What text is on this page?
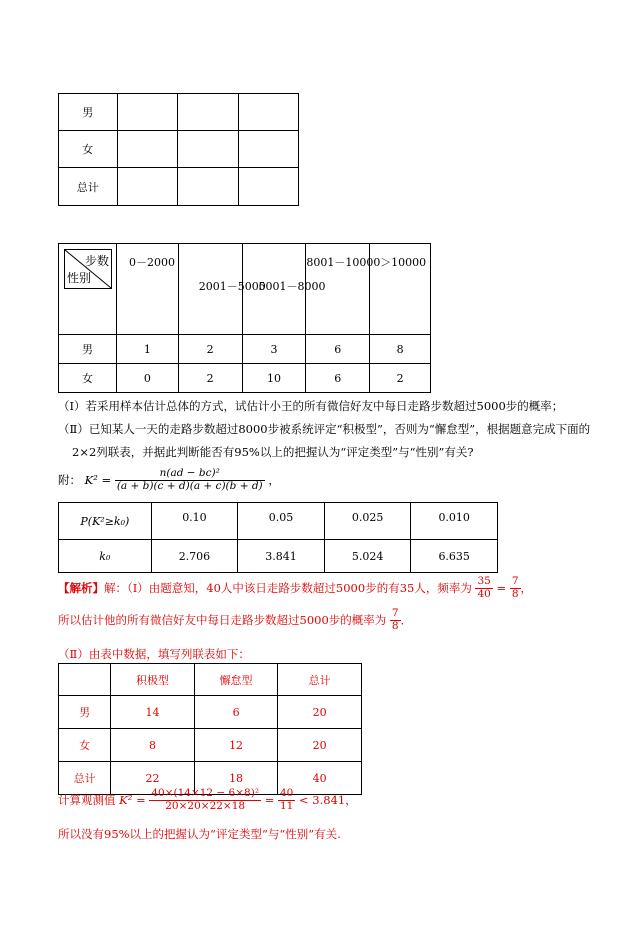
男			
女			
总计			
步数
性别	0－2000	2001－5000	5001－8000	8001－10000	＞10000

男	1	2	3	6	8
女	0	2	10	6	2
（Ⅰ）若采用样本估计总体的方式，试估计小王的所有微信好友中每日走路步数超过5000步的概率；
（Ⅱ）已知某人一天的走路步数超过8000步被系统评定“积极型”，否则为“懈怠型”，根据题意完成下面的
2×2列联表，并据此判断能否有95%以上的把握认为“评定类型”与“性别”有关?
附： $K^2 = \frac{\text{n(ad − bc)²}}{(a + b)(c + d)(a + c)(b + d)}$ ，
P(K²≥k₀)	0.10	0.05	0.025	0.010
k₀	2.706	3.841	5.024	6.635
【解析】解：（Ⅰ）由题意知，40人中该日走路步数超过5000步的有35人，频率为 $\frac{35}{40} = \frac{7}{8}$ ，
所以估计他的所有微信好友中每日走路步数超过5000步的概率为 $\frac{7}{8}$ ．
（Ⅱ）由表中数据，填写列联表如下：
	积极型	懈怠型	总计
男	14	6	20
女	8	12	20
总计	22	18	40
计算观测值 $K^2 = \frac{\text{40×(14×12 − 6×8)²}}{20\times 20\times 22\times 18} = \frac{40}{11} < 3.841$，
所以没有95%以上的把握认为“评定类型”与“性别”有关.
